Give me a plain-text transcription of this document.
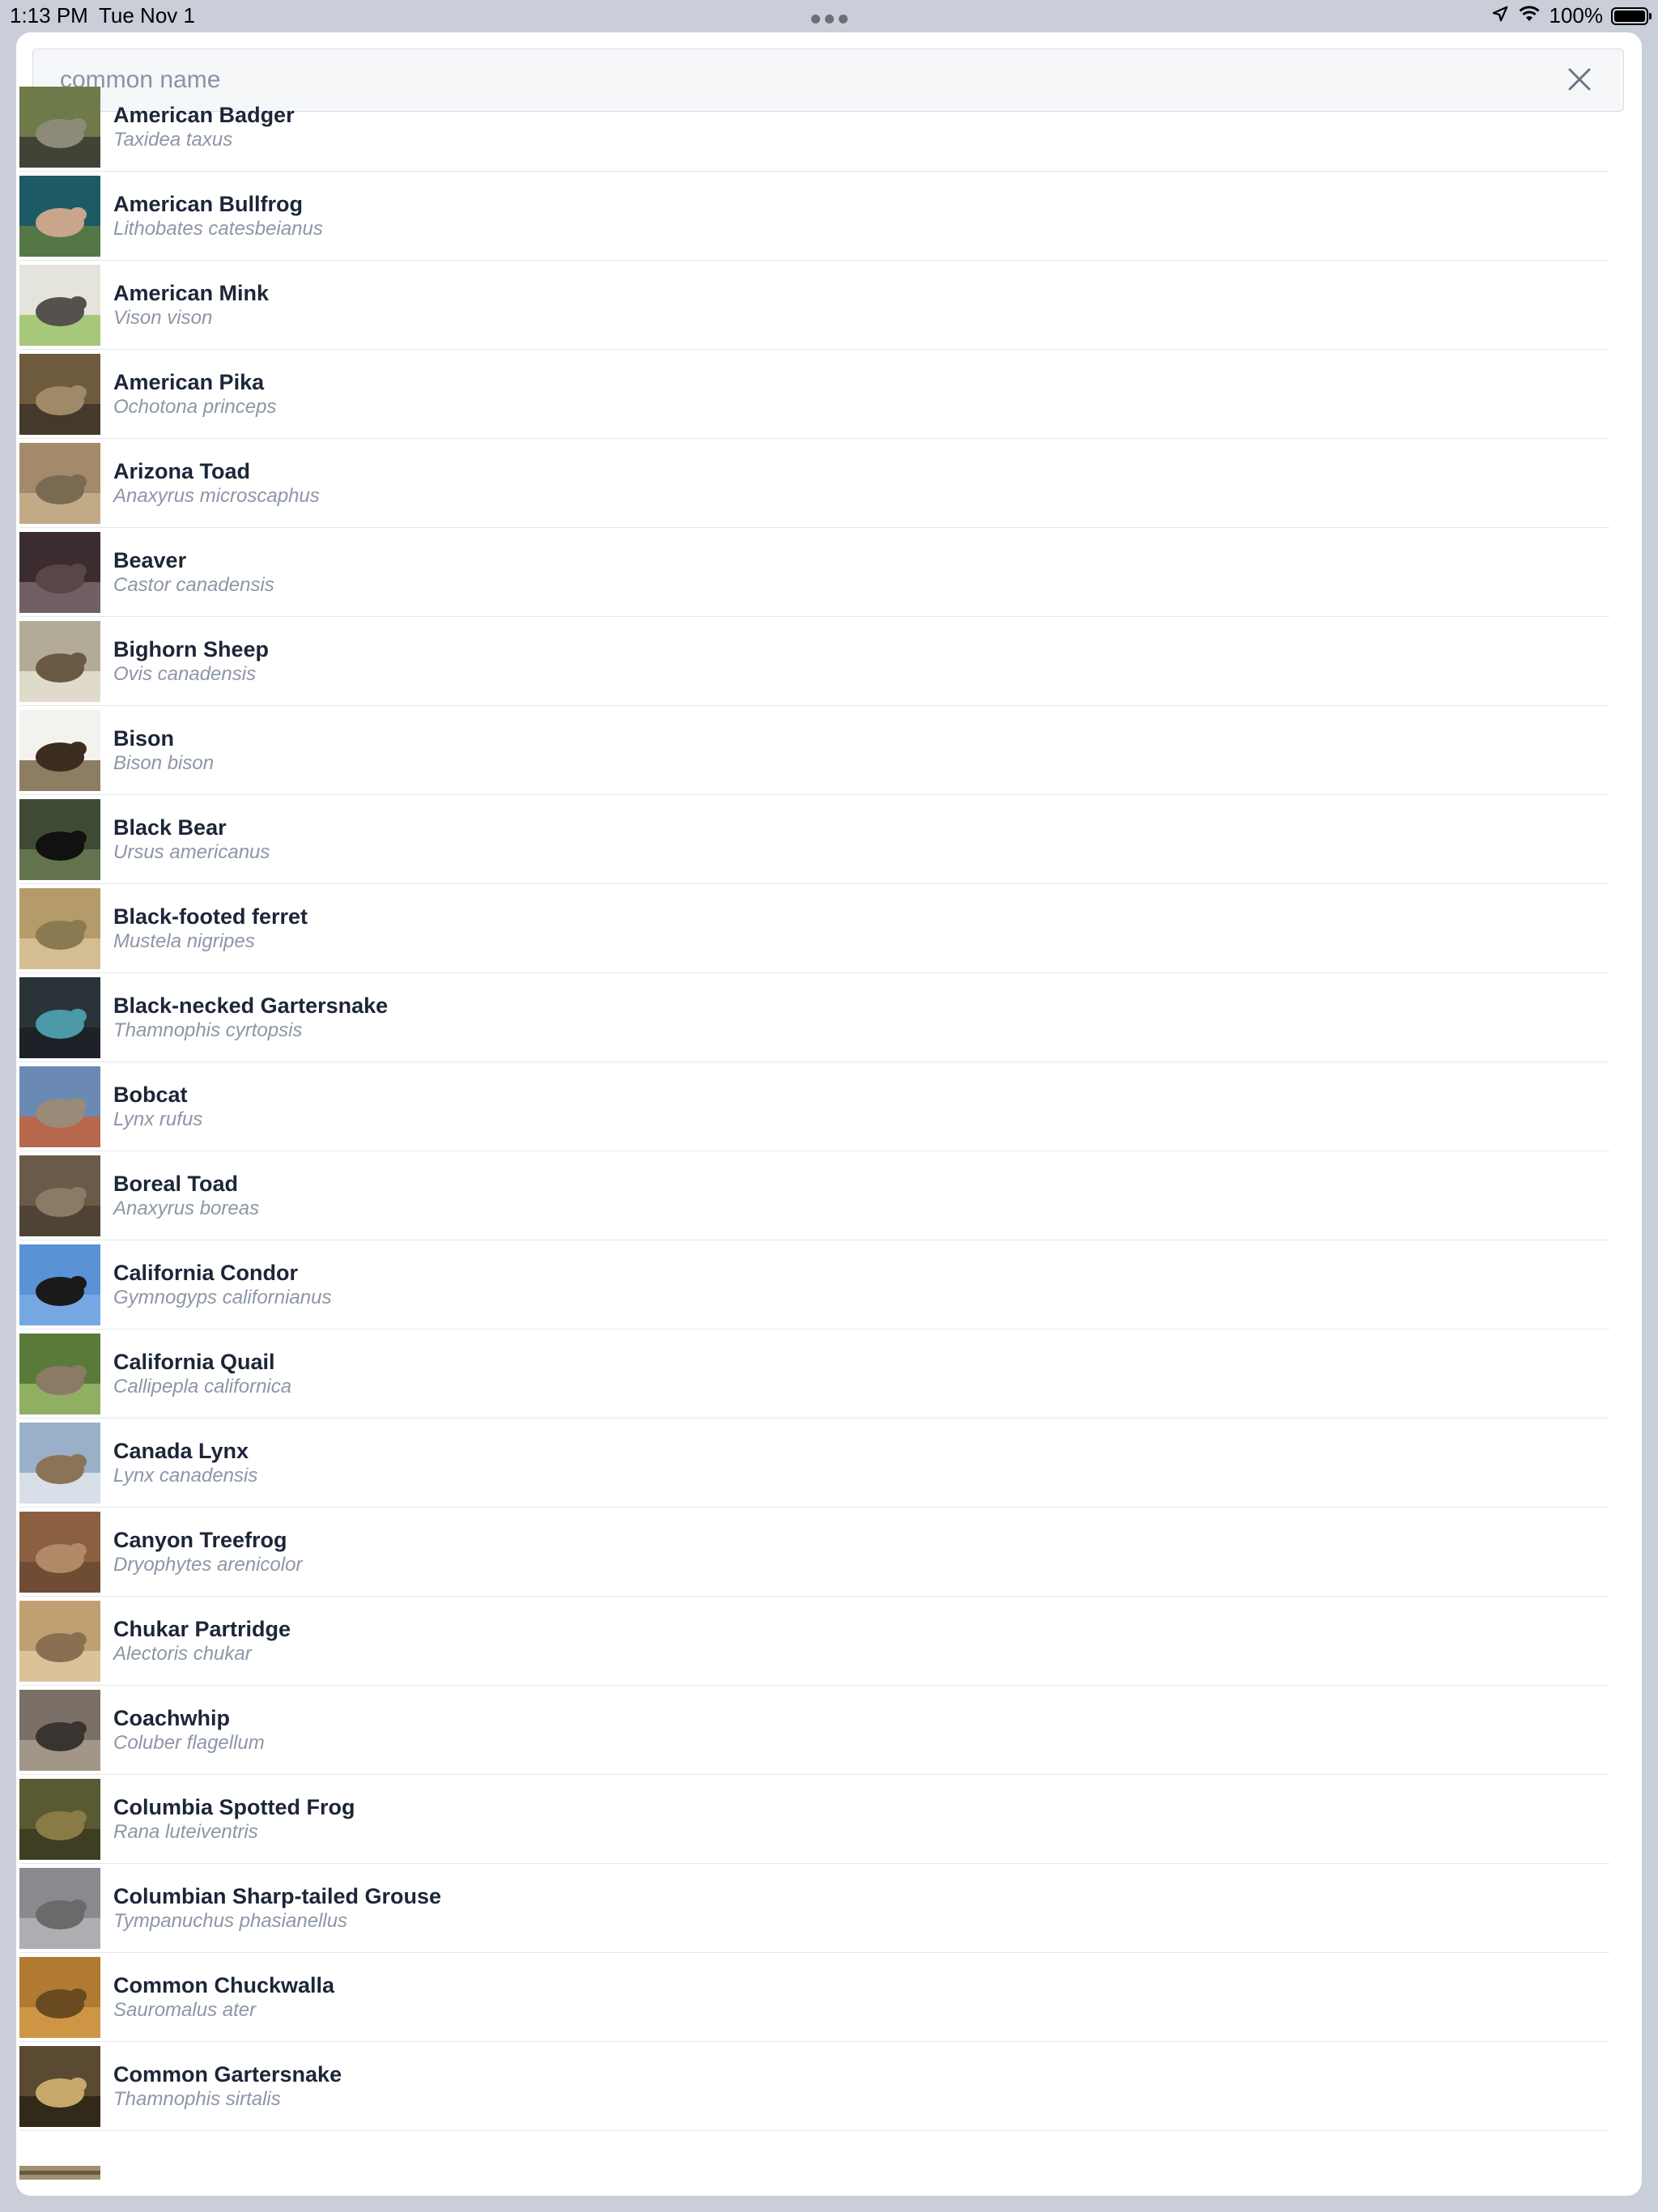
1:13 PM Tue Nov 1	100%
common name
American Badger
Taxidea taxus
American Bullfrog
Lithobates catesbeianus
American Mink
Vison vison
American Pika
Ochotona princeps
Arizona Toad
Anaxyrus microscaphus
Beaver
Castor canadensis
Bighorn Sheep
Ovis canadensis
Bison
Bison bison
Black Bear
Ursus americanus
Black-footed ferret
Mustela nigripes
Black-necked Gartersnake
Thamnophis cyrtopsis
Bobcat
Lynx rufus
Boreal Toad
Anaxyrus boreas
California Condor
Gymnogyps californianus
California Quail
Callipepla californica
Canada Lynx
Lynx canadensis
Canyon Treefrog
Dryophytes arenicolor
Chukar Partridge
Alectoris chukar
Coachwhip
Coluber flagellum
Columbia Spotted Frog
Rana luteiventris
Columbian Sharp-tailed Grouse
Tympanuchus phasianellus
Common Chuckwalla
Sauromalus ater
Common Gartersnake
Thamnophis sirtalis
